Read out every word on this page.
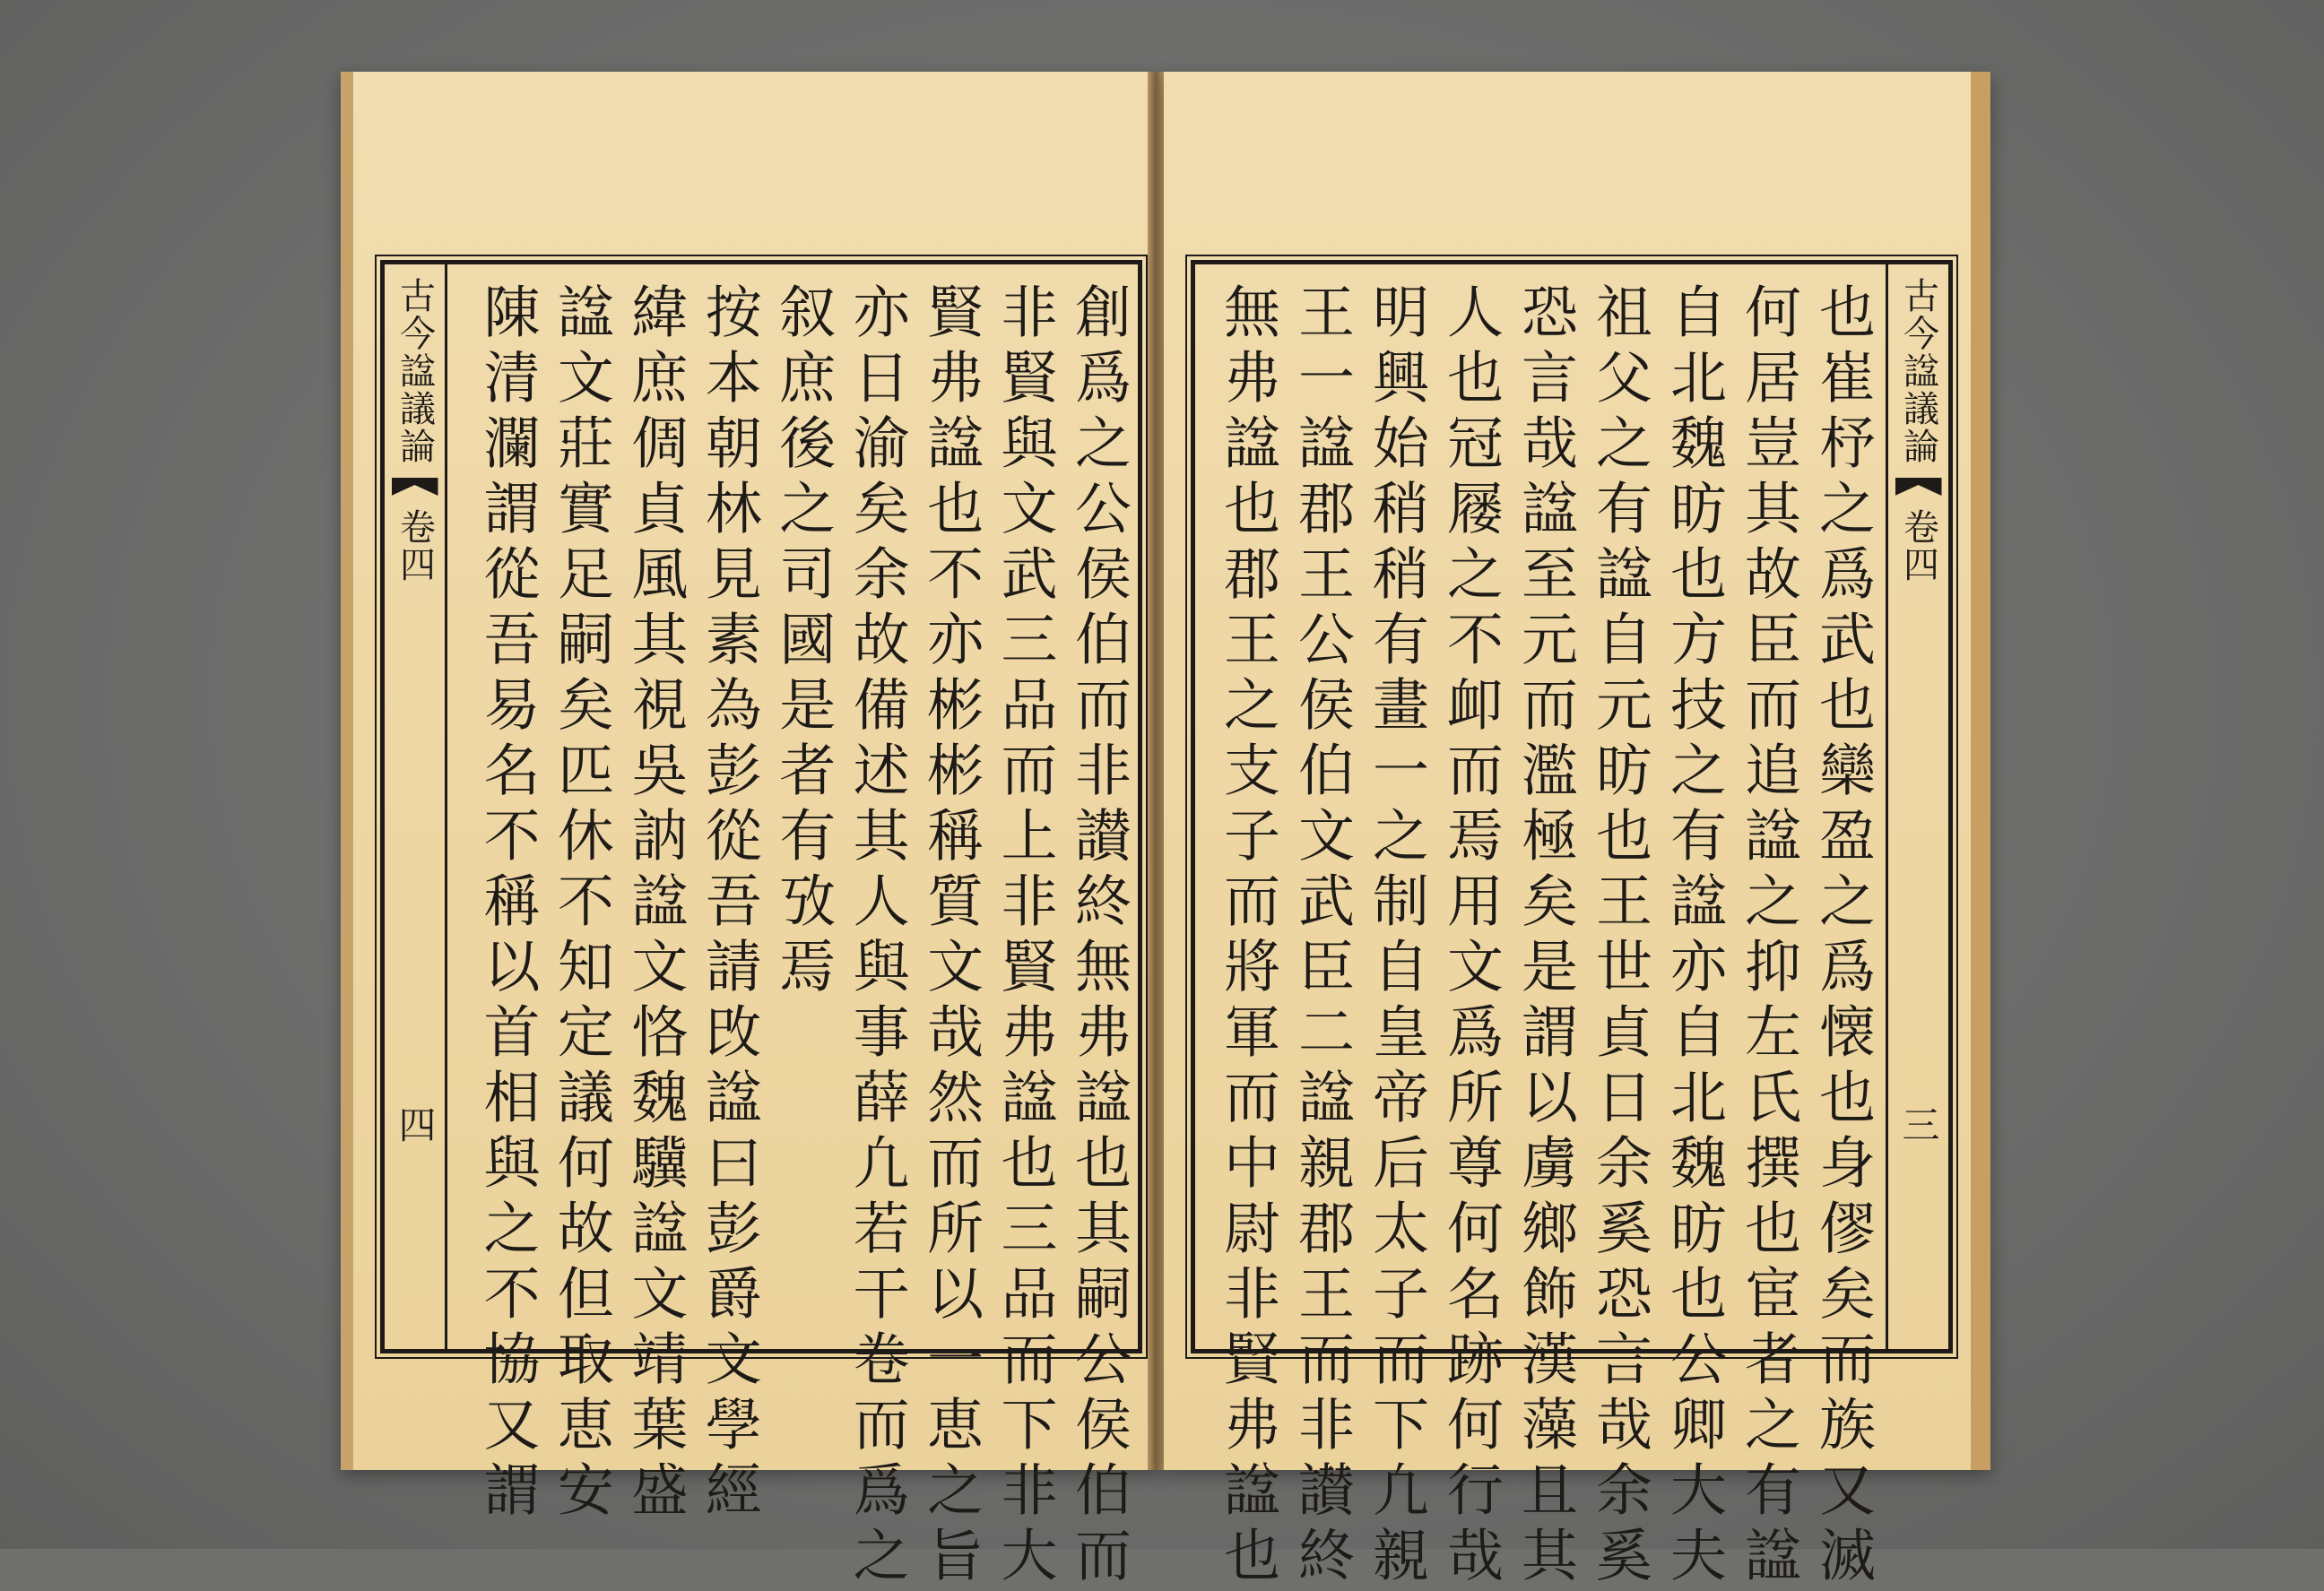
創爲之公侯伯而非讃終無弗諡也其嗣公侯伯而
非賢與文武三品而上非賢弗諡也三品而下非大
賢弗諡也不亦彬彬稱質文哉然而所以一恵之旨
亦日渝矣余故備述其人與事薛凢若干卷而爲之
叙庶後之司國是者有攷焉
按本朝林見素為彭從吾請攺諡曰彭爵文學經
緯庶倜貞風其視吳訥諡文恪魏驥諡文靖葉盛
諡文莊實足嗣矣匹休不知定議何故但取恵安
陳清瀾謂從吾易名不稱以首相與之不協又謂
古今諡議論
卷四
四
古今諡議論
卷四
三
也崔杼之爲武也欒盈之爲懐也身僇矣而族又滅
何居豈其故臣而追諡之抑左氏撰也宦者之有諡
自北魏昉也方技之有諡亦自北魏昉也公卿大夫
祖父之有諡自元昉也王世貞日余奚恐言哉余奚
恐言哉諡至元而濫極矣是謂以虜鄉飾漢藻且其
人也冠屦之不卹而焉用文爲所尊何名跡何行哉
明興始稍稍有畫一之制自皇帝后太子而下凢親
王一諡郡王公侯伯文武臣二諡親郡王而非讃終
無弗諡也郡王之支子而將軍而中尉非賢弗諡也
